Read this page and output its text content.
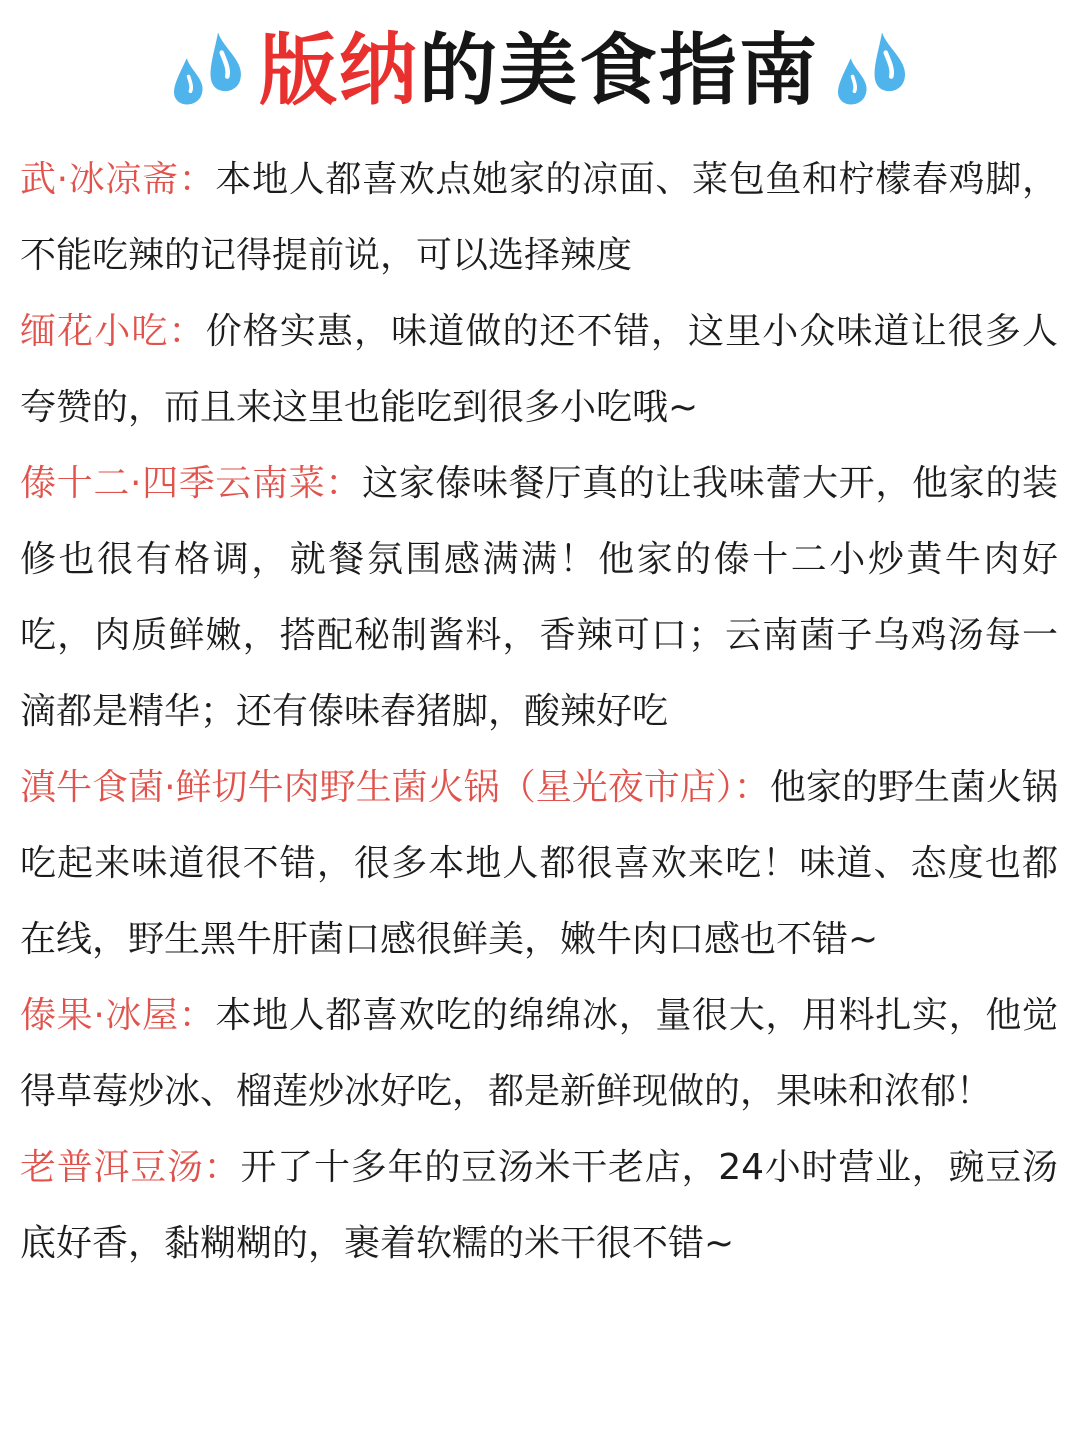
版纳的美食指南

武·冰凉斋：本地人都喜欢点她家的凉面、菜包鱼和柠檬春鸡脚，不能吃辣的记得提前说，可以选择辣度

缅花小吃：价格实惠，味道做的还不错，这里小众味道让很多人夸赞的，而且来这里也能吃到很多小吃哦~

傣十二·四季云南菜：这家傣味餐厅真的让我味蕾大开，他家的装修也很有格调，就餐氛围感满满！他家的傣十二小炒黄牛肉好吃，肉质鲜嫩，搭配秘制酱料，香辣可口；云南菌子乌鸡汤每一滴都是精华；还有傣味舂猪脚，酸辣好吃

滇牛食菌·鲜切牛肉野生菌火锅（星光夜市店）：他家的野生菌火锅吃起来味道很不错，很多本地人都很喜欢来吃！味道、态度也都在线，野生黑牛肝菌口感很鲜美，嫩牛肉口感也不错~

傣果·冰屋：本地人都喜欢吃的绵绵冰，量很大，用料扎实，他觉得草莓炒冰、榴莲炒冰好吃，都是新鲜现做的，果味和浓郁！

老普洱豆汤：开了十多年的豆汤米干老店，24小时营业，豌豆汤底好香，黏糊糊的，裹着软糯的米干很不错~
